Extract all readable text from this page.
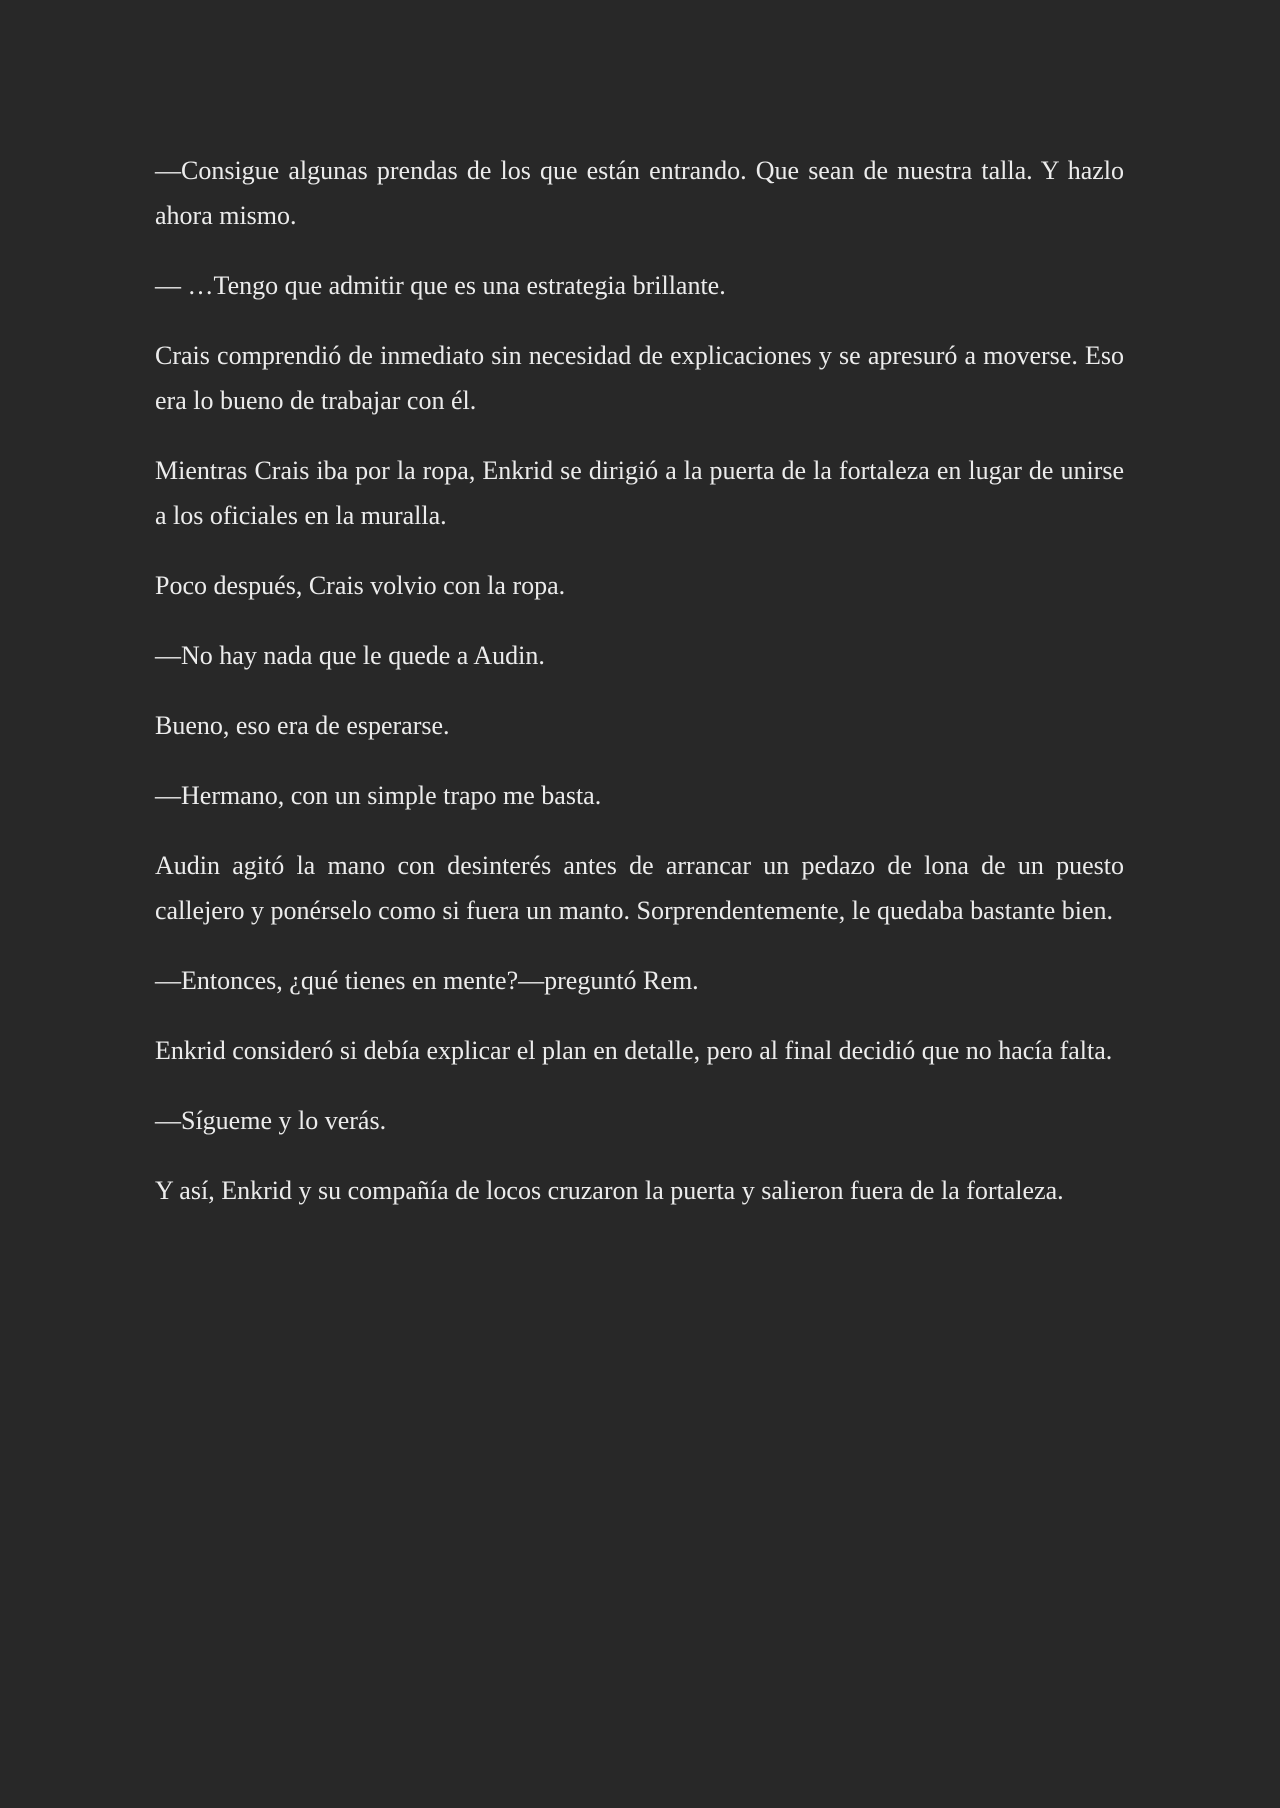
—Consigue algunas prendas de los que están entrando. Que sean de nuestra talla. Y hazlo ahora mismo.

— …Tengo que admitir que es una estrategia brillante.

Crais comprendió de inmediato sin necesidad de explicaciones y se apresuró a moverse. Eso era lo bueno de trabajar con él.

Mientras Crais iba por la ropa, Enkrid se dirigió a la puerta de la fortaleza en lugar de unirse a los oficiales en la muralla.

Poco después, Crais volvio con la ropa.

—No hay nada que le quede a Audin.

Bueno, eso era de esperarse.

—Hermano, con un simple trapo me basta.

Audin agitó la mano con desinterés antes de arrancar un pedazo de lona de un puesto callejero y ponérselo como si fuera un manto. Sorprendentemente, le quedaba bastante bien.

—Entonces, ¿qué tienes en mente?—preguntó Rem.

Enkrid consideró si debía explicar el plan en detalle, pero al final decidió que no hacía falta.

—Sígueme y lo verás.

Y así, Enkrid y su compañía de locos cruzaron la puerta y salieron fuera de la fortaleza.
